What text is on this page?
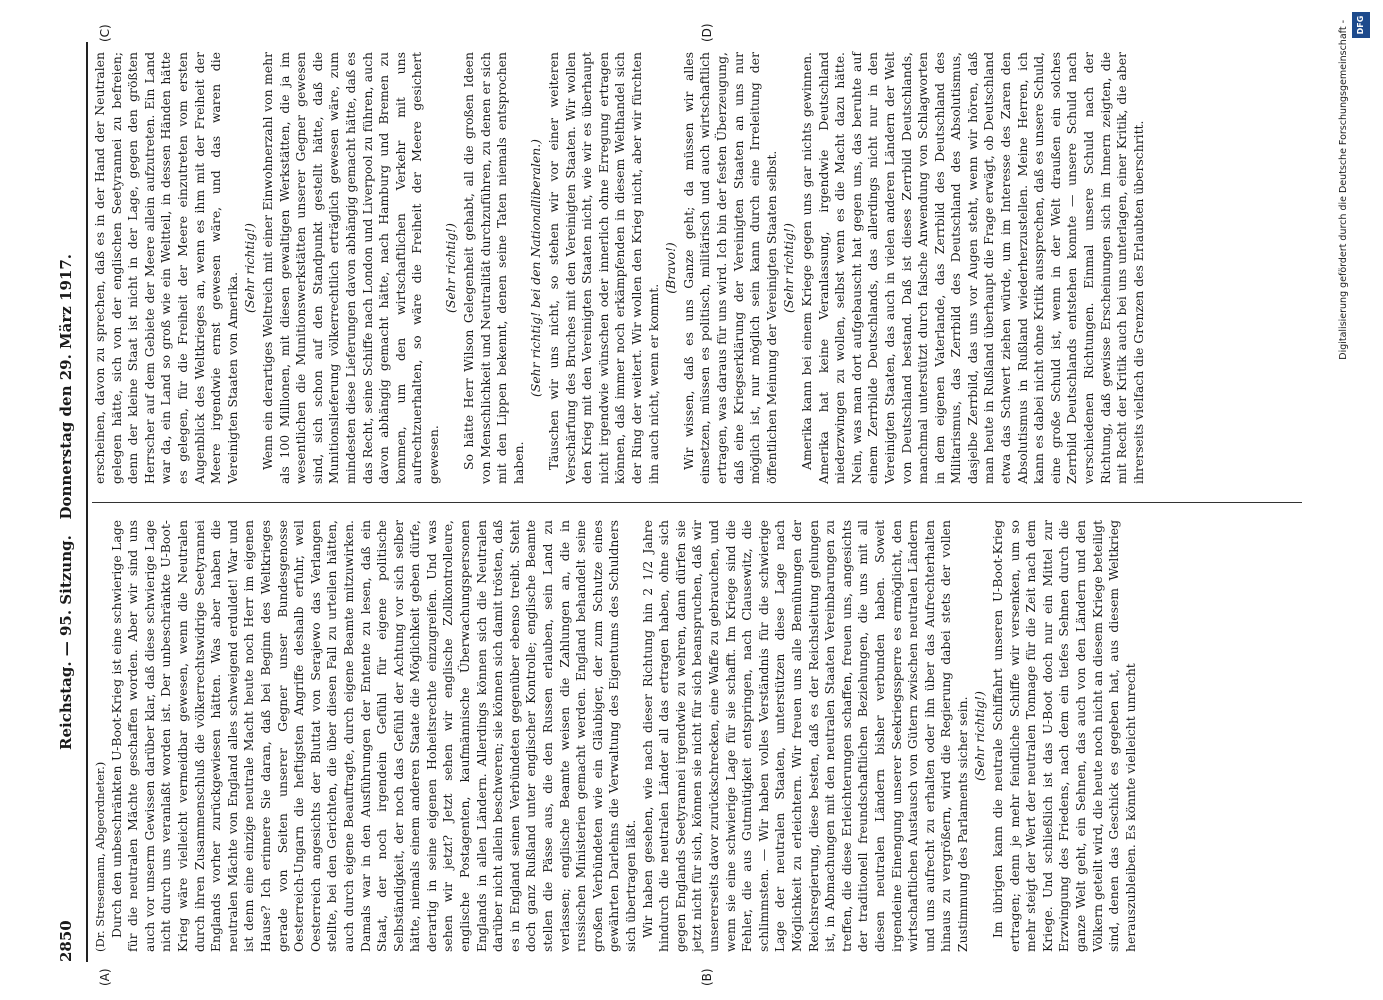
2850
Reichstag. — 95. Sitzung.   Donnerstag den 29. März 1917.
(A)	(B)
(C)	(D)

(Dr. Stresemann, Abgeordneter.) Durch den unbeschränkten U-Boot-Krieg ist eine schwierige Lage für die neutralen Mächte geschaffen worden. Aber wir sind uns auch vor unserm Gewissen darüber klar, daß diese schwierige Lage nicht durch uns veranlaßt worden ist. Der unbeschränkte U-Boot-Krieg wäre vielleicht vermeidbar gewesen, wenn die Neutralen durch ihren Zusammenschluß die völkerrechtswidrige Seetyrannei Englands vorher zurückgewiesen hätten. Was aber haben die neutralen Mächte von England alles schweigend erduldet! War und ist denn eine einzige neutrale Macht heute noch Herr im eigenen Hause? Ich erinnere Sie daran, daß bei Beginn des Weltkrieges gerade von Seiten unserer Gegner unser Bundesgenosse Oesterreich-Ungarn die heftigsten Angriffe deshalb erfuhr, weil Oesterreich angesichts der Bluttat von Serajewo das Verlangen stellte, bei den Gerichten, die über diesen Fall zu urteilen hätten, auch durch eigene Beauftragte, durch eigene Beamte mitzuwirken. Damals war in den Ausführungen der Entente zu lesen, daß ein Staat, der noch irgendein Gefühl für eigene politische Selbständigkeit, der noch das Gefühl der Achtung vor sich selber hätte, niemals einem anderen Staate die Möglichkeit geben dürfe, derartig in seine eigenen Hoheitsrechte einzugreifen. Und was sehen wir jetzt? Jetzt sehen wir englische Zollkontrolleure, englische Postagenten, kaufmännische Überwachungspersonen Englands in allen Ländern. Allerdings können sich die Neutralen darüber nicht allein beschweren; sie können sich damit trösten, daß es in England seinen Verbündeten gegenüber ebenso treibt. Steht doch ganz Rußland unter englischer Kontrolle; englische Beamte stellen die Pässe aus, die den Russen erlauben, sein Land zu verlassen; englische Beamte weisen die Zahlungen an, die in russischen Ministerien gemacht werden. England behandelt seine großen Verbündeten wie ein Gläubiger, der zum Schutze eines gewährten Darlehns die Verwaltung des Eigentums des Schuldners sich übertragen läßt. Wir haben gesehen, wie nach dieser Richtung hin 2 1/2 Jahre hindurch die neutralen Länder all das ertragen haben, ohne sich gegen Englands Seetyrannei irgendwie zu wehren, dann dürfen sie jetzt nicht für sich, können sie nicht für sich beanspruchen, daß wir unsererseits davor zurückschrecken, eine Waffe zu gebrauchen, und wenn sie eine schwierige Lage für sie schafft. Im Kriege sind die Fehler, die aus Gutmütigkeit entspringen, nach Clausewitz, die schlimmsten. — Wir haben volles Verständnis für die schwierige Lage der neutralen Staaten, unterstützen diese Lage nach Möglichkeit zu erleichtern. Wir freuen uns alle Bemühungen der Reichsregierung, diese besten, daß es der Reichsleitung gelungen ist, in Abmachungen mit den neutralen Staaten Vereinbarungen zu treffen, die diese Erleichterungen schaffen, freuen uns, angesichts der traditionell freundschaftlichen Beziehungen, die uns mit all diesen neutralen Ländern bisher verbunden haben. Soweit irgendeine Einengung unserer Seekriegssperre es ermöglicht, den wirtschaftlichen Austausch von Gütern zwischen neutralen Ländern und uns aufrecht zu erhalten oder ihn über das Aufrechterhalten hinaus zu vergrößern, wird die Regierung dabei stets der vollen Zustimmung des Parlaments sicher sein. (Sehr richtig!) Im übrigen kann die neutrale Schiffahrt unseren U-Boot-Krieg ertragen; denn je mehr feindliche Schiffe wir versenken, um so mehr steigt der Wert der neutralen Tonnage für die Zeit nach dem Kriege. Und schließlich ist das U-Boot doch nur ein Mittel zur Erzwingung des Friedens, nach dem ein tiefes Sehnen durch die ganze Welt geht, ein Sehnen, das auch von den Ländern und den Völkern geteilt wird, die heute noch nicht an diesem Kriege beteiligt sind, denen das Geschick es gegeben hat, aus diesem Weltkrieg herauszubleiben. Es könnte vielleicht unrecht

erscheinen, davon zu sprechen, daß es in der Hand der Neutralen gelegen hätte, sich von der englischen Seetyrannei zu befreien; denn der kleine Staat ist nicht in der Lage, gegen den größten Herrscher auf dem Gebiete der Meere allein aufzutreten. Ein Land war da, ein Land so groß wie ein Weltteil, in dessen Händen hätte es gelegen, für die Freiheit der Meere einzutreten vom ersten Augenblick des Weltkrieges an, wenn es ihm mit der Freiheit der Meere irgendwie ernst gewesen wäre, und das waren die Vereinigten Staaten von Amerika.

(Sehr richtig!) Wenn ein derartiges Weltreich mit einer Einwohnerzahl von mehr als 100 Millionen, mit diesen gewaltigen Werkstätten, die ja im wesentlichen die Munitionswerkstätten unserer Gegner gewesen sind, sich schon auf den Standpunkt gestellt hätte, daß die Munitionslieferung völkerrechtlich erträglich gewesen wäre, zum mindesten diese Lieferungen davon abhängig gemacht hätte, daß es das Recht, seine Schiffe nach London und Liverpool zu führen, auch davon abhängig gemacht hätte, nach Hamburg und Bremen zu kommen, um den wirtschaftlichen Verkehr mit uns aufrechtzuerhalten, so wäre die Freiheit der Meere gesichert gewesen.

(Sehr richtig!) So hätte Herr Wilson Gelegenheit gehabt, all die großen Ideen von Menschlichkeit und Neutralität durchzuführen, zu denen er sich mit den Lippen bekennt, denen seine Taten niemals entsprochen haben.

(Sehr richtig! bei den Nationalliberalen.) Täuschen wir uns nicht, so stehen wir vor einer weiteren Verschärfung des Bruches mit den Vereinigten Staaten. Wir wollen den Krieg mit den Vereinigten Staaten nicht, wie wir es überhaupt nicht irgendwie wünschen oder innerlich ohne Erregung ertragen können, daß immer noch erkämpfenden in diesem Welthandel sich der Ring der weitert. Wir wollen den Krieg nicht, aber wir fürchten ihn auch nicht, wenn er kommt.

(Bravo!) Wir wissen, daß es uns Ganze geht; da müssen wir alles einsetzen, müssen es politisch, militärisch und auch wirtschaftlich ertragen, was daraus für uns wird. Ich bin der festen Überzeugung, daß eine Kriegserklärung der Vereinigten Staaten an uns nur möglich ist, nur möglich sein kann durch eine Irreleitung der öffentlichen Meinung der Vereinigten Staaten selbst. (Sehr richtig!) Amerika kann bei einem Kriege gegen uns gar nichts gewinnen. Amerika hat keine Veranlassung, irgendwie Deutschland niederzwingen zu wollen, selbst wenn es die Macht dazu hätte. Nein, was man dort aufgebauscht hat gegen uns, das beruhte auf einem Zerrbilde Deutschlands, das allerdings nicht nur in den Vereinigten Staaten, das auch in vielen anderen Ländern der Welt von Deutschland bestand. Daß ist dieses Zerrbild Deutschlands, manchmal unterstützt durch falsche Anwendung von Schlagworten in dem eigenen Vaterlande, das Zerrbild des Deutschland des Militarismus, das Zerrbild des Deutschland des Absolutismus, dasjelbe Zerrbild, das uns vor Augen steht, wenn wir hören, daß man heute in Rußland überhaupt die Frage erwägt, ob Deutschland etwa das Schwert ziehen würde, um im Interesse des Zaren den Absolutismus in Rußland wiederherzustellen. Meine Herren, ich kann es dabei nicht ohne Kritik aussprechen, daß es unsere Schuld, eine große Schuld ist, wenn in der Welt draußen ein solches Zerrbild Deutschlands entstehen konnte — unsere Schuld nach verschiedenen Richtungen. Einmal unsere Schuld nach der Richtung, daß gewisse Erscheinungen sich im Innern zeigten, die mit Recht der Kritik auch bei uns unterlagen, einer Kritik, die aber ihrerseits vielfach die Grenzen des Erlaubten überschritt.	Digitalisierung gefördert durch die Deutsche Forschungsgemeinschaft - DFG
